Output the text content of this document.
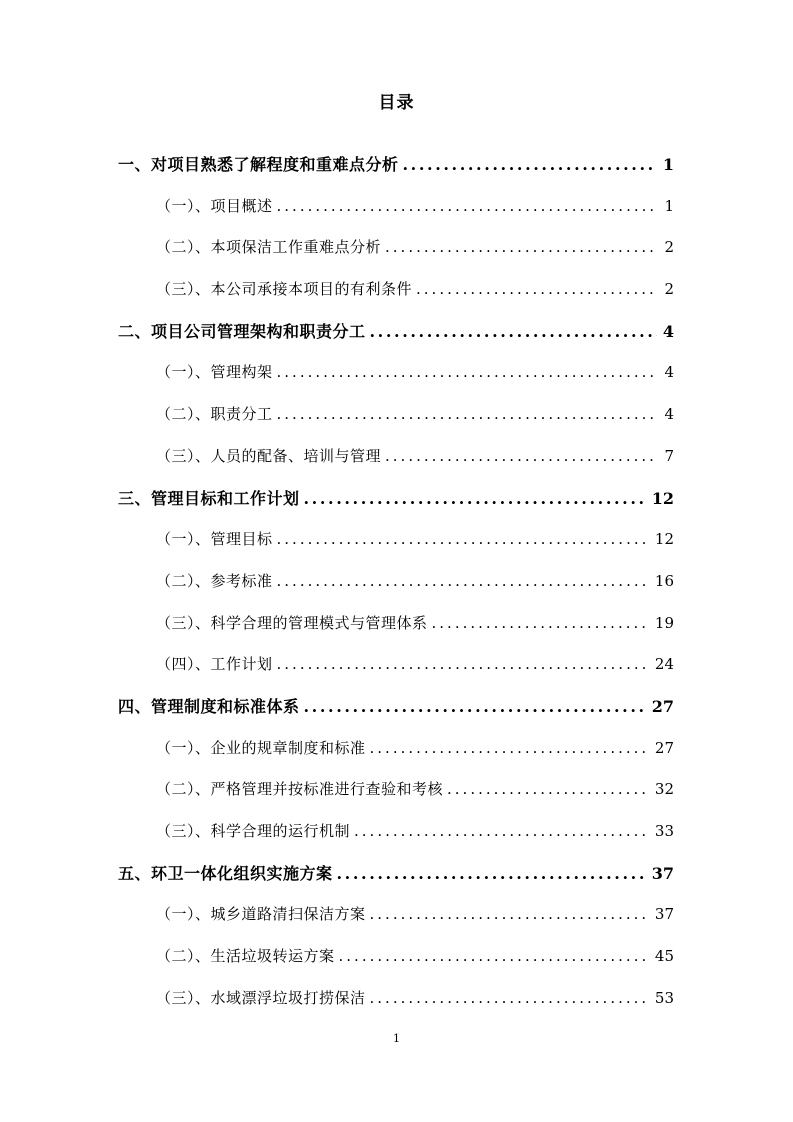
目录
一、对项目熟悉了解程度和重难点分析 .....	1
（一）、项目概述 .....	1
（二）、本项保洁工作重难点分析 .....	2
（三）、本公司承接本项目的有利条件 .....	2
二、项目公司管理架构和职责分工 .....	4
（一）、管理构架 .....	4
（二）、职责分工 .....	4
（三）、人员的配备、培训与管理 .....	7
三、管理目标和工作计划 .....	12
（一）、管理目标 .....	12
（二）、参考标准 .....	16
（三）、科学合理的管理模式与管理体系 .....	19
（四）、工作计划 .....	24
四、管理制度和标准体系 .....	27
（一）、企业的规章制度和标准 .....	27
（二）、严格管理并按标准进行查验和考核 .....	32
（三）、科学合理的运行机制 .....	33
五、环卫一体化组织实施方案 .....	37
（一）、城乡道路清扫保洁方案 .....	37
（二）、生活垃圾转运方案 .....	45
（三）、水域漂浮垃圾打捞保洁 .....	53
1
